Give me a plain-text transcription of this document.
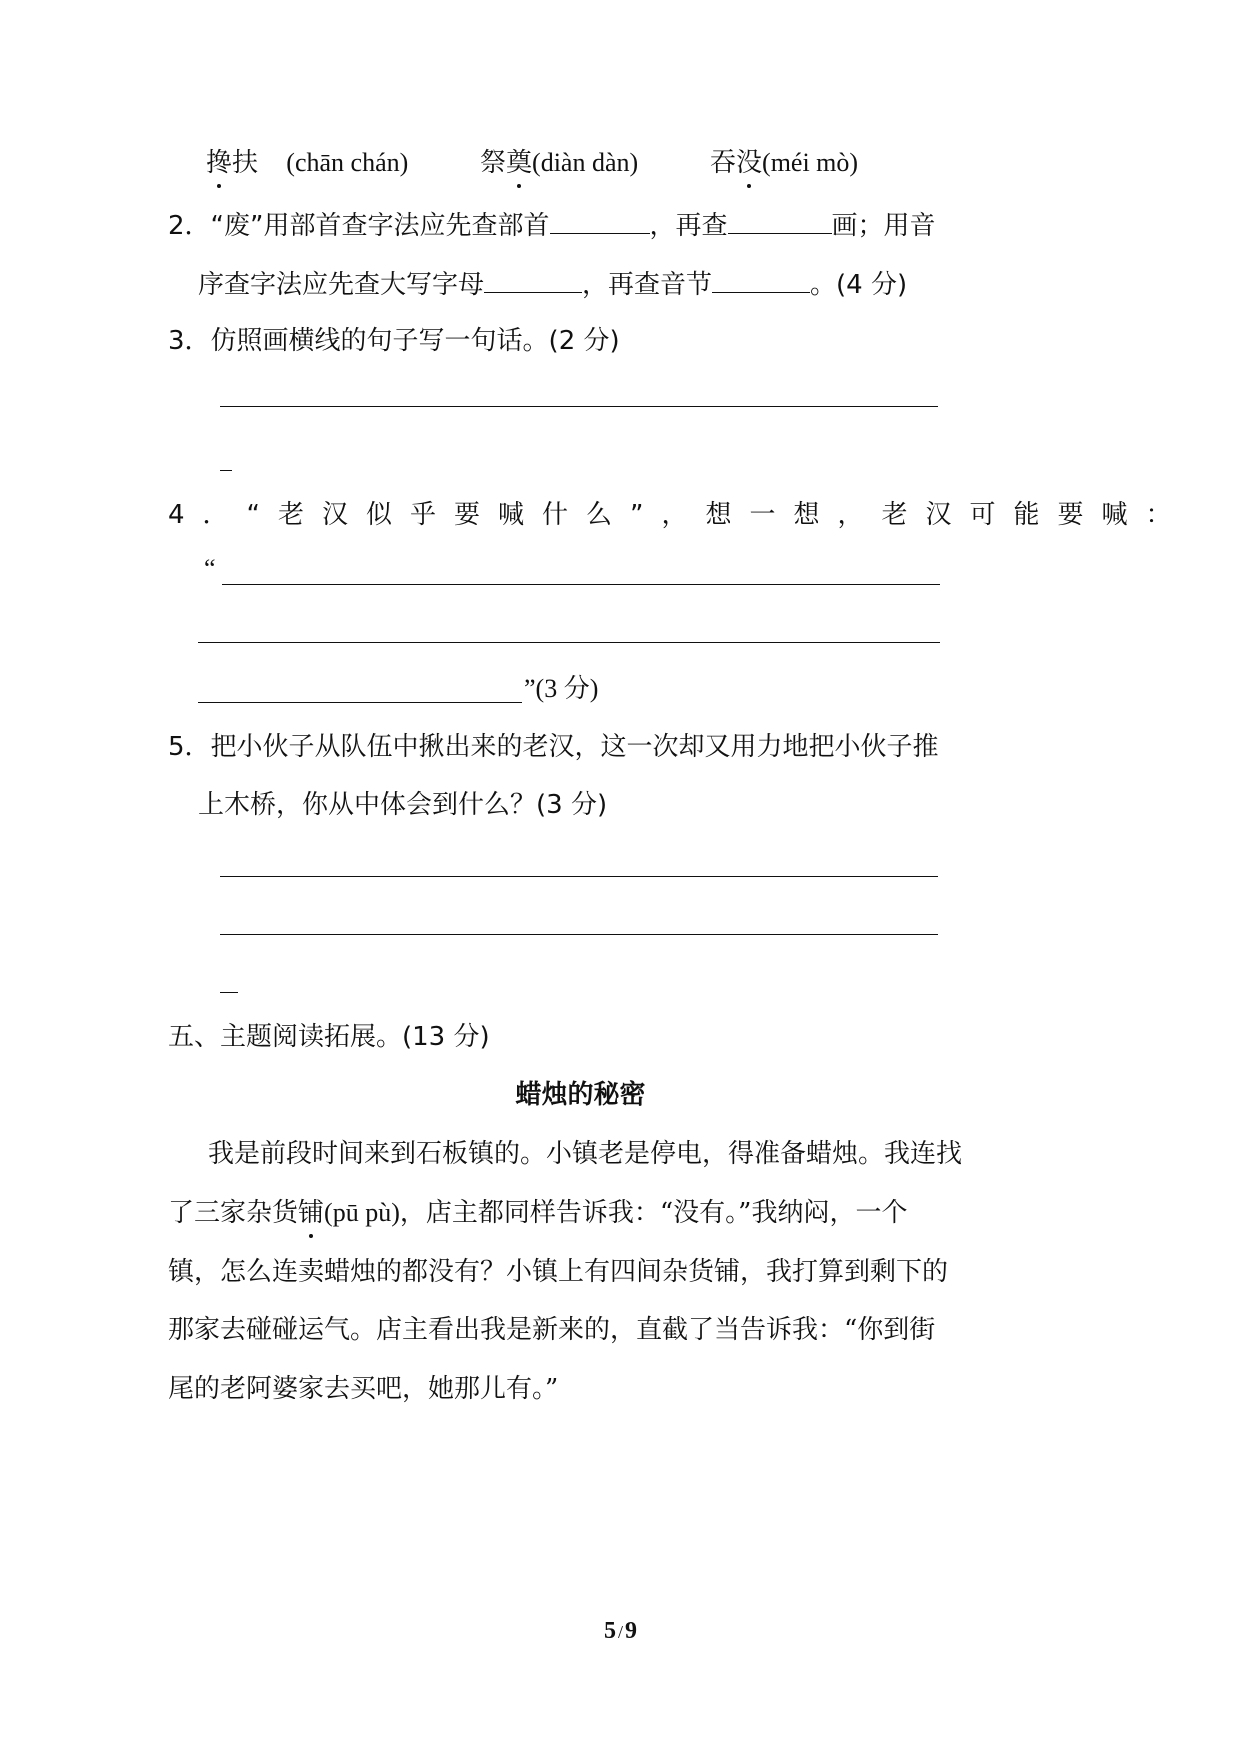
搀扶 (chān chán)	祭奠(diàn dàn)	吞没(méi mò)
2．“废”用部首查字法应先查部首	，再查	画；用音
序查字法应先查大写字母	，再查音节	。(4 分)
3．仿照画横线的句子写一句话。(2 分)
4．“老汉似乎要喊什么”，想一想，老汉可能要喊：
“
”(3 分)
5．把小伙子从队伍中揪出来的老汉，这一次却又用力地把小伙子推
上木桥，你从中体会到什么？(3 分)
五、主题阅读拓展。(13 分)
蜡烛的秘密
我是前段时间来到石板镇的。小镇老是停电，得准备蜡烛。我连找
了三家杂货铺(pū pù)，店主都同样告诉我：“没有。”我纳闷，一个
镇，怎么连卖蜡烛的都没有？小镇上有四间杂货铺，我打算到剩下的
那家去碰碰运气。店主看出我是新来的，直截了当告诉我：“你到街
尾的老阿婆家去买吧，她那儿有。”
5 /9
